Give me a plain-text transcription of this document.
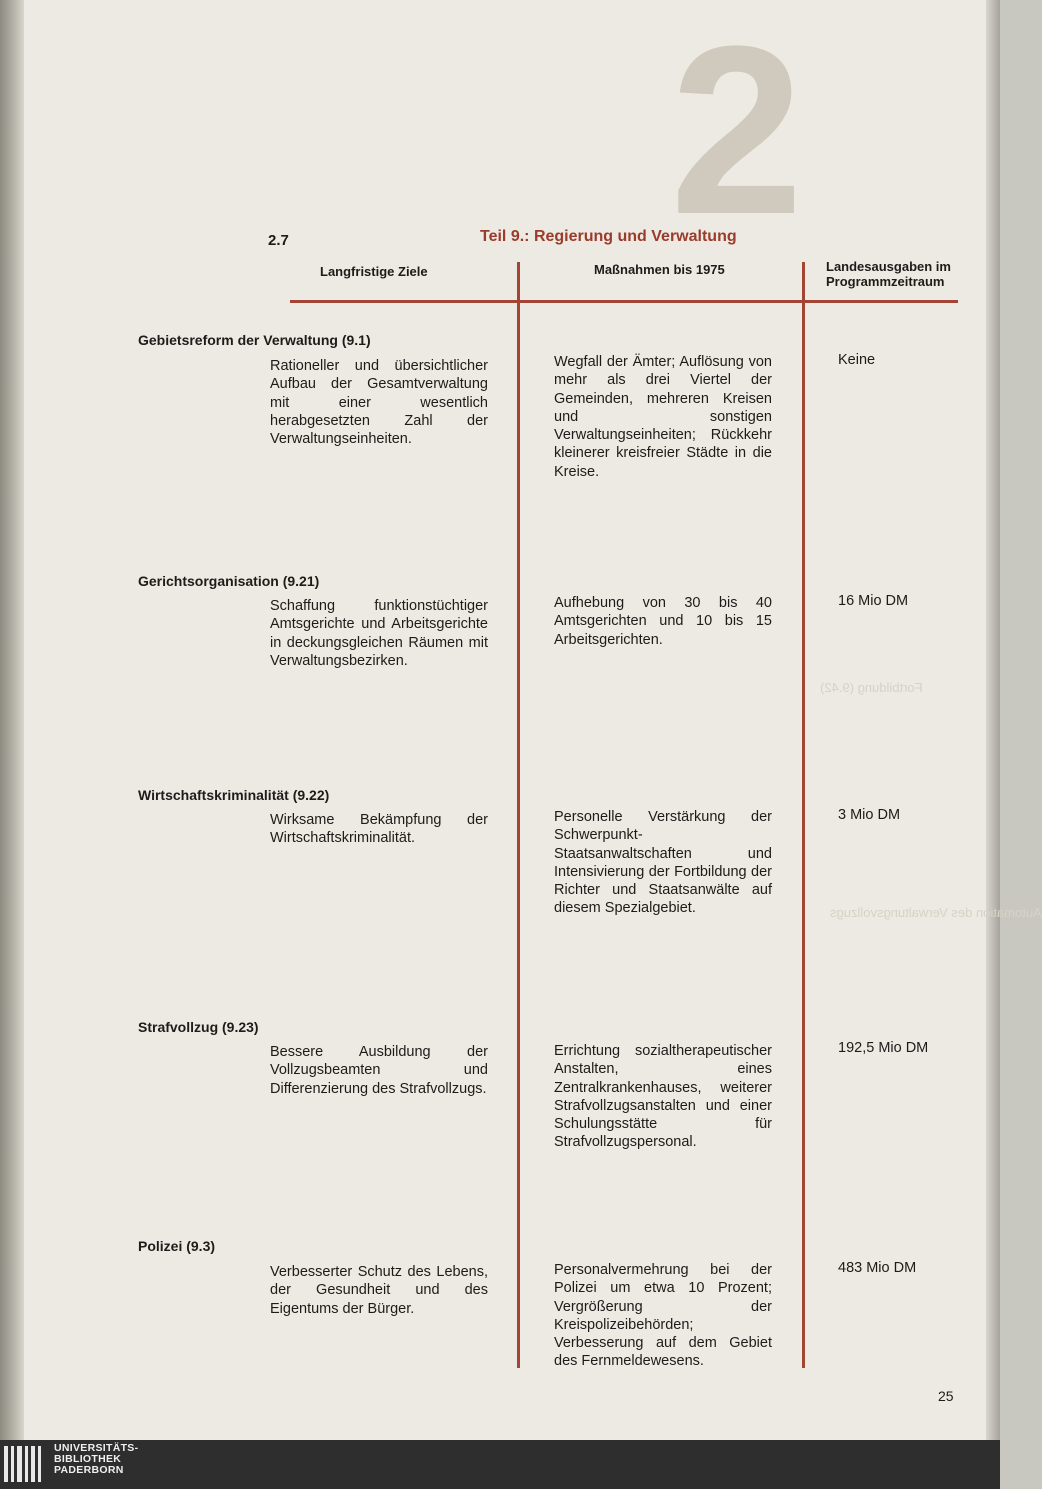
Fortbildung (9.42)
Automation des Verwaltungsvollzugs
2
2.7	Teil 9.: Regierung und Verwaltung
Langfristige Ziele	Maßnahmen bis 1975	Landesausgaben im
Programmzeitraum
Gebietsreform der Verwaltung (9.1)
Rationeller und übersichtlicher Aufbau der Gesamtverwaltung mit einer wesentlich herabgesetzten Zahl der Verwaltungseinheiten.
Wegfall der Ämter; Auflösung von mehr als drei Viertel der Gemeinden, mehreren Kreisen und sonstigen Verwaltungseinheiten; Rückkehr kleinerer kreisfreier Städte in die Kreise.
Keine
Gerichtsorganisation (9.21)
Schaffung funktionstüchtiger Amtsgerichte und Arbeitsgerichte in deckungsgleichen Räumen mit Verwaltungsbezirken.
Aufhebung von 30 bis 40 Amtsgerichten und 10 bis 15 Arbeitsgerichten.
16 Mio DM
Wirtschaftskriminalität (9.22)
Wirksame Bekämpfung der Wirtschaftskriminalität.
Personelle Verstärkung der Schwerpunkt-Staatsanwaltschaften und Intensivierung der Fortbildung der Richter und Staatsanwälte auf diesem Spezialgebiet.
3 Mio DM
Strafvollzug (9.23)
Bessere Ausbildung der Vollzugsbeamten und Differenzierung des Strafvollzugs.
Errichtung sozialtherapeutischer Anstalten, eines Zentralkrankenhauses, weiterer Strafvollzugsanstalten und einer Schulungsstätte für Strafvollzugspersonal.
192,5 Mio DM
Polizei (9.3)
Verbesserter Schutz des Lebens, der Gesundheit und des Eigentums der Bürger.
Personalvermehrung bei der Polizei um etwa 10 Prozent; Vergrößerung der Kreispolizeibehörden; Verbesserung auf dem Gebiet des Fernmeldewesens.
483 Mio DM
25
UNIVERSITÄTS-
BIBLIOTHEK
PADERBORN
